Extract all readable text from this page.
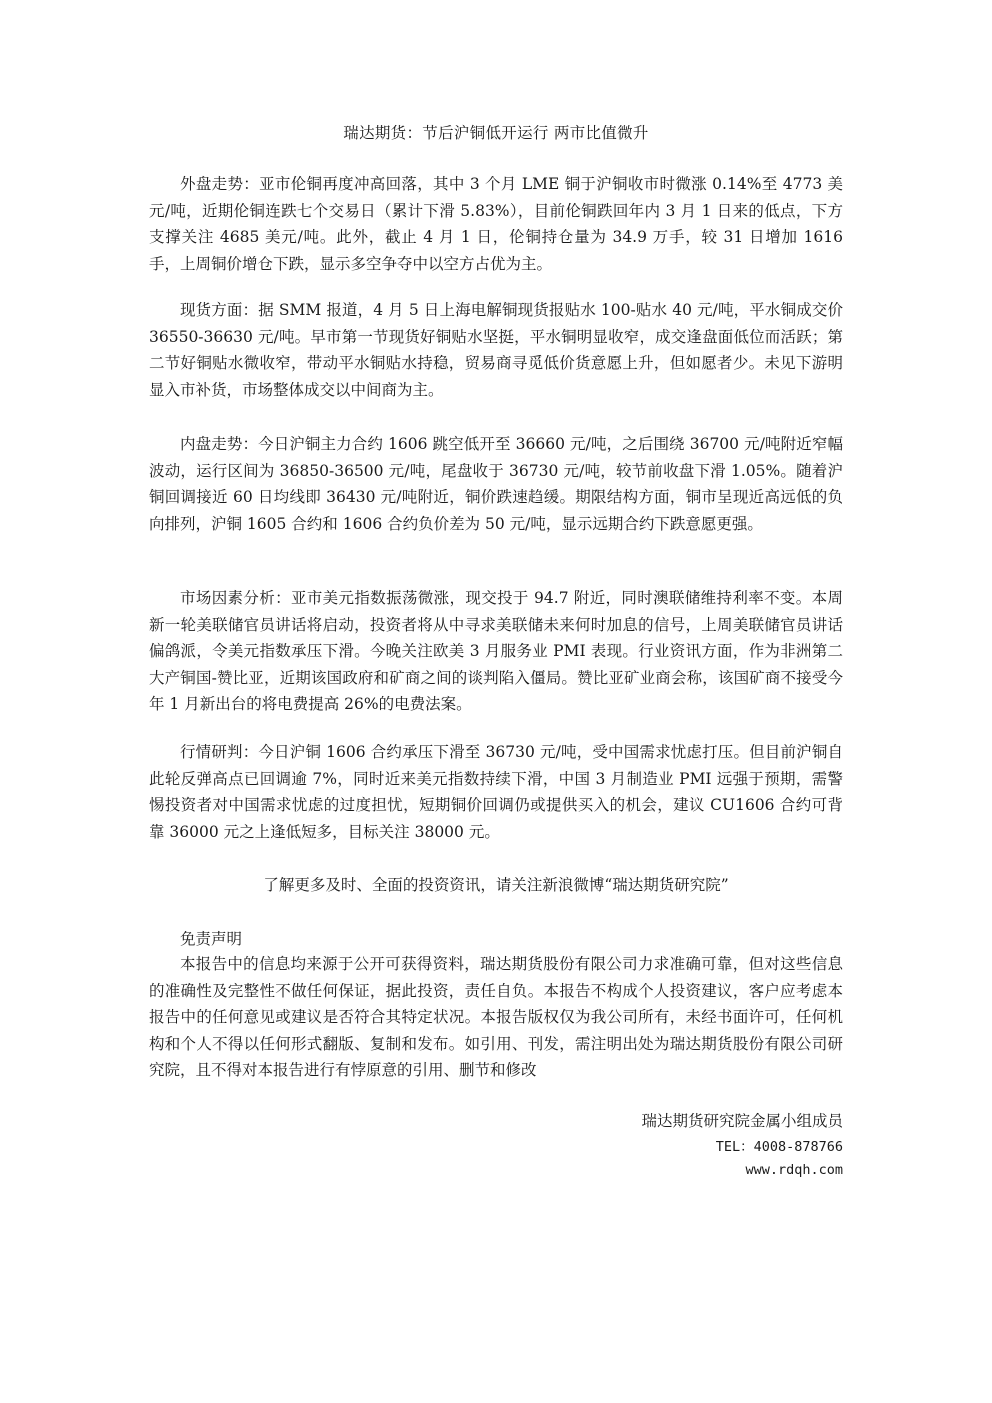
瑞达期货：节后沪铜低开运行 两市比值微升

外盘走势：亚市伦铜再度冲高回落，其中 3 个月 LME 铜于沪铜收市时微涨 0.14%至 4773 美元/吨，近期伦铜连跌七个交易日（累计下滑 5.83%），目前伦铜跌回年内 3 月 1 日来的低点，下方支撑关注 4685 美元/吨。此外，截止 4 月 1 日，伦铜持仓量为 34.9 万手，较 31 日增加 1616 手，上周铜价增仓下跌，显示多空争夺中以空方占优为主。

现货方面：据 SMM 报道，4 月 5 日上海电解铜现货报贴水 100-贴水 40 元/吨，平水铜成交价 36550-36630 元/吨。早市第一节现货好铜贴水坚挺，平水铜明显收窄，成交逢盘面低位而活跃；第二节好铜贴水微收窄，带动平水铜贴水持稳，贸易商寻觅低价货意愿上升，但如愿者少。未见下游明显入市补货，市场整体成交以中间商为主。

内盘走势：今日沪铜主力合约 1606 跳空低开至 36660 元/吨，之后围绕 36700 元/吨附近窄幅波动，运行区间为 36850-36500 元/吨，尾盘收于 36730 元/吨，较节前收盘下滑 1.05%。随着沪铜回调接近 60 日均线即 36430 元/吨附近，铜价跌速趋缓。期限结构方面，铜市呈现近高远低的负向排列，沪铜 1605 合约和 1606 合约负价差为 50 元/吨，显示远期合约下跌意愿更强。

市场因素分析：亚市美元指数振荡微涨，现交投于 94.7 附近，同时澳联储维持利率不变。本周新一轮美联储官员讲话将启动，投资者将从中寻求美联储未来何时加息的信号，上周美联储官员讲话偏鸽派，令美元指数承压下滑。今晚关注欧美 3 月服务业 PMI 表现。行业资讯方面，作为非洲第二大产铜国-赞比亚，近期该国政府和矿商之间的谈判陷入僵局。赞比亚矿业商会称，该国矿商不接受今年 1 月新出台的将电费提高 26%的电费法案。

行情研判：今日沪铜 1606 合约承压下滑至 36730 元/吨，受中国需求忧虑打压。但目前沪铜自此轮反弹高点已回调逾 7%，同时近来美元指数持续下滑，中国 3 月制造业 PMI 远强于预期，需警惕投资者对中国需求忧虑的过度担忧，短期铜价回调仍或提供买入的机会，建议 CU1606 合约可背靠 36000 元之上逢低短多，目标关注 38000 元。

了解更多及时、全面的投资资讯，请关注新浪微博“瑞达期货研究院”
免责声明

本报告中的信息均来源于公开可获得资料，瑞达期货股份有限公司力求准确可靠，但对这些信息的准确性及完整性不做任何保证，据此投资，责任自负。本报告不构成个人投资建议，客户应考虑本报告中的任何意见或建议是否符合其特定状况。本报告版权仅为我公司所有，未经书面许可，任何机构和个人不得以任何形式翻版、复制和发布。如引用、刊发，需注明出处为瑞达期货股份有限公司研究院，且不得对本报告进行有悖原意的引用、删节和修改

瑞达期货研究院金属小组成员
TEL：4008-878766
www.rdqh.com
